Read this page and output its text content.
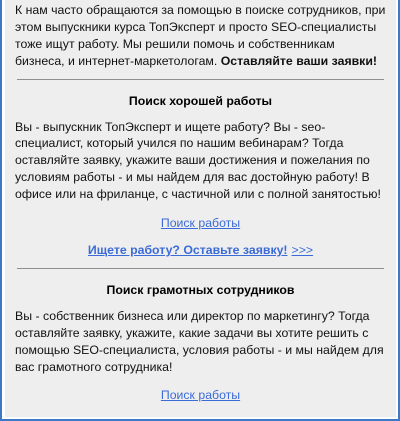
К нам часто обращаются за помощью в поиске сотрудников, при этом выпускники курса ТопЭксперт и просто SEO-специалисты тоже ищут работу. Мы решили помочь и собственникам бизнеса, и интернет-маркетологам. Оставляйте ваши заявки!

Поиск хорошей работы

Вы - выпускник ТопЭксперт и ищете работу? Вы - seo-специалист, который учился по нашим вебинарам? Тогда оставляйте заявку, укажите ваши достижения и пожелания по условиям работы - и мы найдем для вас достойную работу! В офисе или на фриланце, с частичной или с полной занятостью!

Поиск работы
Ищете работу? Оставьте заявку! >>>
Поиск грамотных сотрудников

Вы - собственник бизнеса или директор по маркетингу? Тогда оставляйте заявку, укажите, какие задачи вы хотите решить с помощью SEO-специалиста, условия работы - и мы найдем для вас грамотного сотрудника!

Поиск работы
